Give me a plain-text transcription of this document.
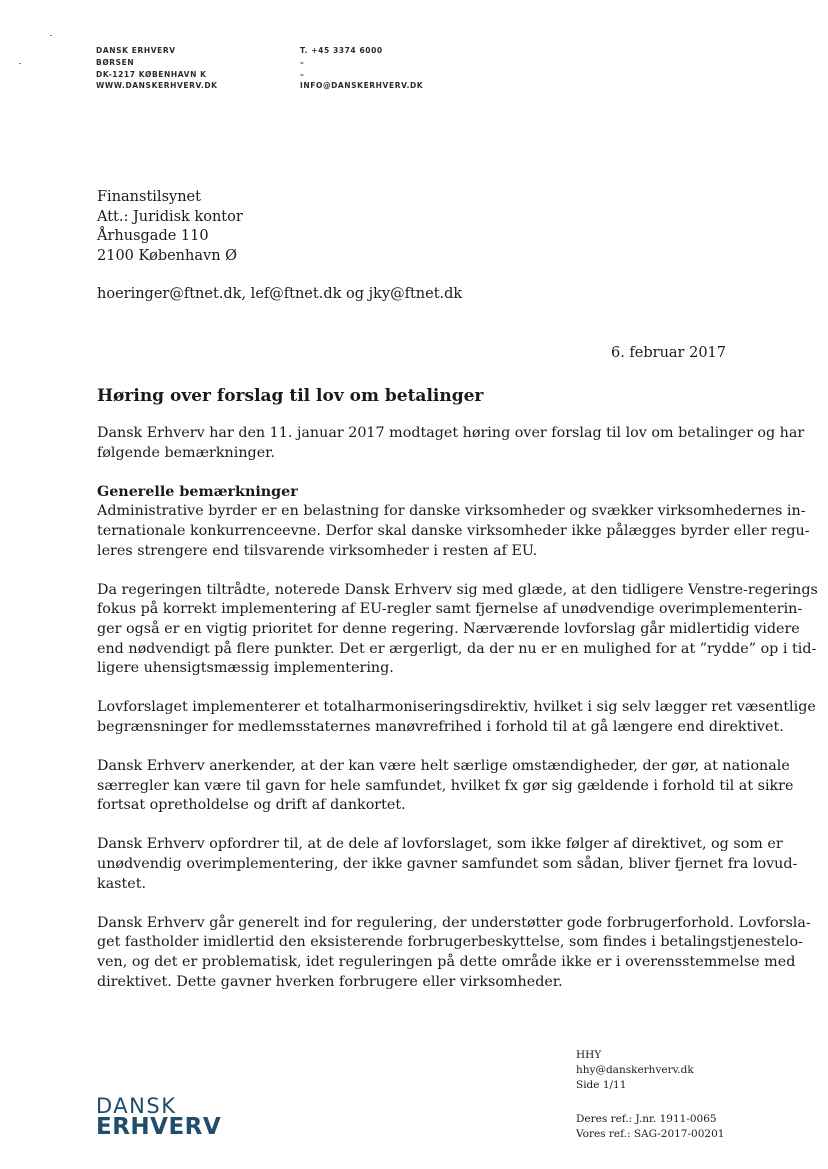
DANSK ERHVERV
BØRSEN
DK-1217 KØBENHAVN K
WWW.DANSKERHVERV.DK
T. +45 3374 6000
–
–
INFO@DANSKERHVERV.DK
Finanstilsynet
Att.: Juridisk kontor
Århusgade 110
2100 København Ø
hoeringer@ftnet.dk, lef@ftnet.dk og jky@ftnet.dk
6. februar 2017
Høring over forslag til lov om betalinger

Dansk Erhverv har den 11. januar 2017 modtaget høring over forslag til lov om betalinger og har
følgende bemærkninger.

Generelle bemærkninger

Administrative byrder er en belastning for danske virksomheder og svækker virksomhedernes in-
ternationale konkurrenceevne. Derfor skal danske virksomheder ikke pålægges byrder eller regu-
leres strengere end tilsvarende virksomheder i resten af EU.

Da regeringen tiltrådte, noterede Dansk Erhverv sig med glæde, at den tidligere Venstre-regerings
fokus på korrekt implementering af EU-regler samt fjernelse af unødvendige overimplementerin-
ger også er en vigtig prioritet for denne regering. Nærværende lovforslag går midlertidig videre
end nødvendigt på flere punkter. Det er ærgerligt, da der nu er en mulighed for at ”rydde” op i tid-
ligere uhensigtsmæssig implementering.

Lovforslaget implementerer et totalharmoniseringsdirektiv, hvilket i sig selv lægger ret væsentlige
begrænsninger for medlemsstaternes manøvrefrihed i forhold til at gå længere end direktivet.

Dansk Erhverv anerkender, at der kan være helt særlige omstændigheder, der gør, at nationale
særregler kan være til gavn for hele samfundet, hvilket fx gør sig gældende i forhold til at sikre
fortsat opretholdelse og drift af dankortet.

Dansk Erhverv opfordrer til, at de dele af lovforslaget, som ikke følger af direktivet, og som er
unødvendig overimplementering, der ikke gavner samfundet som sådan, bliver fjernet fra lovud-
kastet.

Dansk Erhverv går generelt ind for regulering, der understøtter gode forbrugerforhold. Lovforsla-
get fastholder imidlertid den eksisterende forbrugerbeskyttelse, som findes i betalingstjenestelo-
ven, og det er problematisk, idet reguleringen på dette område ikke er i overensstemmelse med
direktivet. Dette gavner hverken forbrugere eller virksomheder.

HHY
hhy@danskerhverv.dk
Side 1/11
Deres ref.: J.nr. 1911-0065
Vores ref.: SAG-2017-00201
DANSK
ERHVERV
